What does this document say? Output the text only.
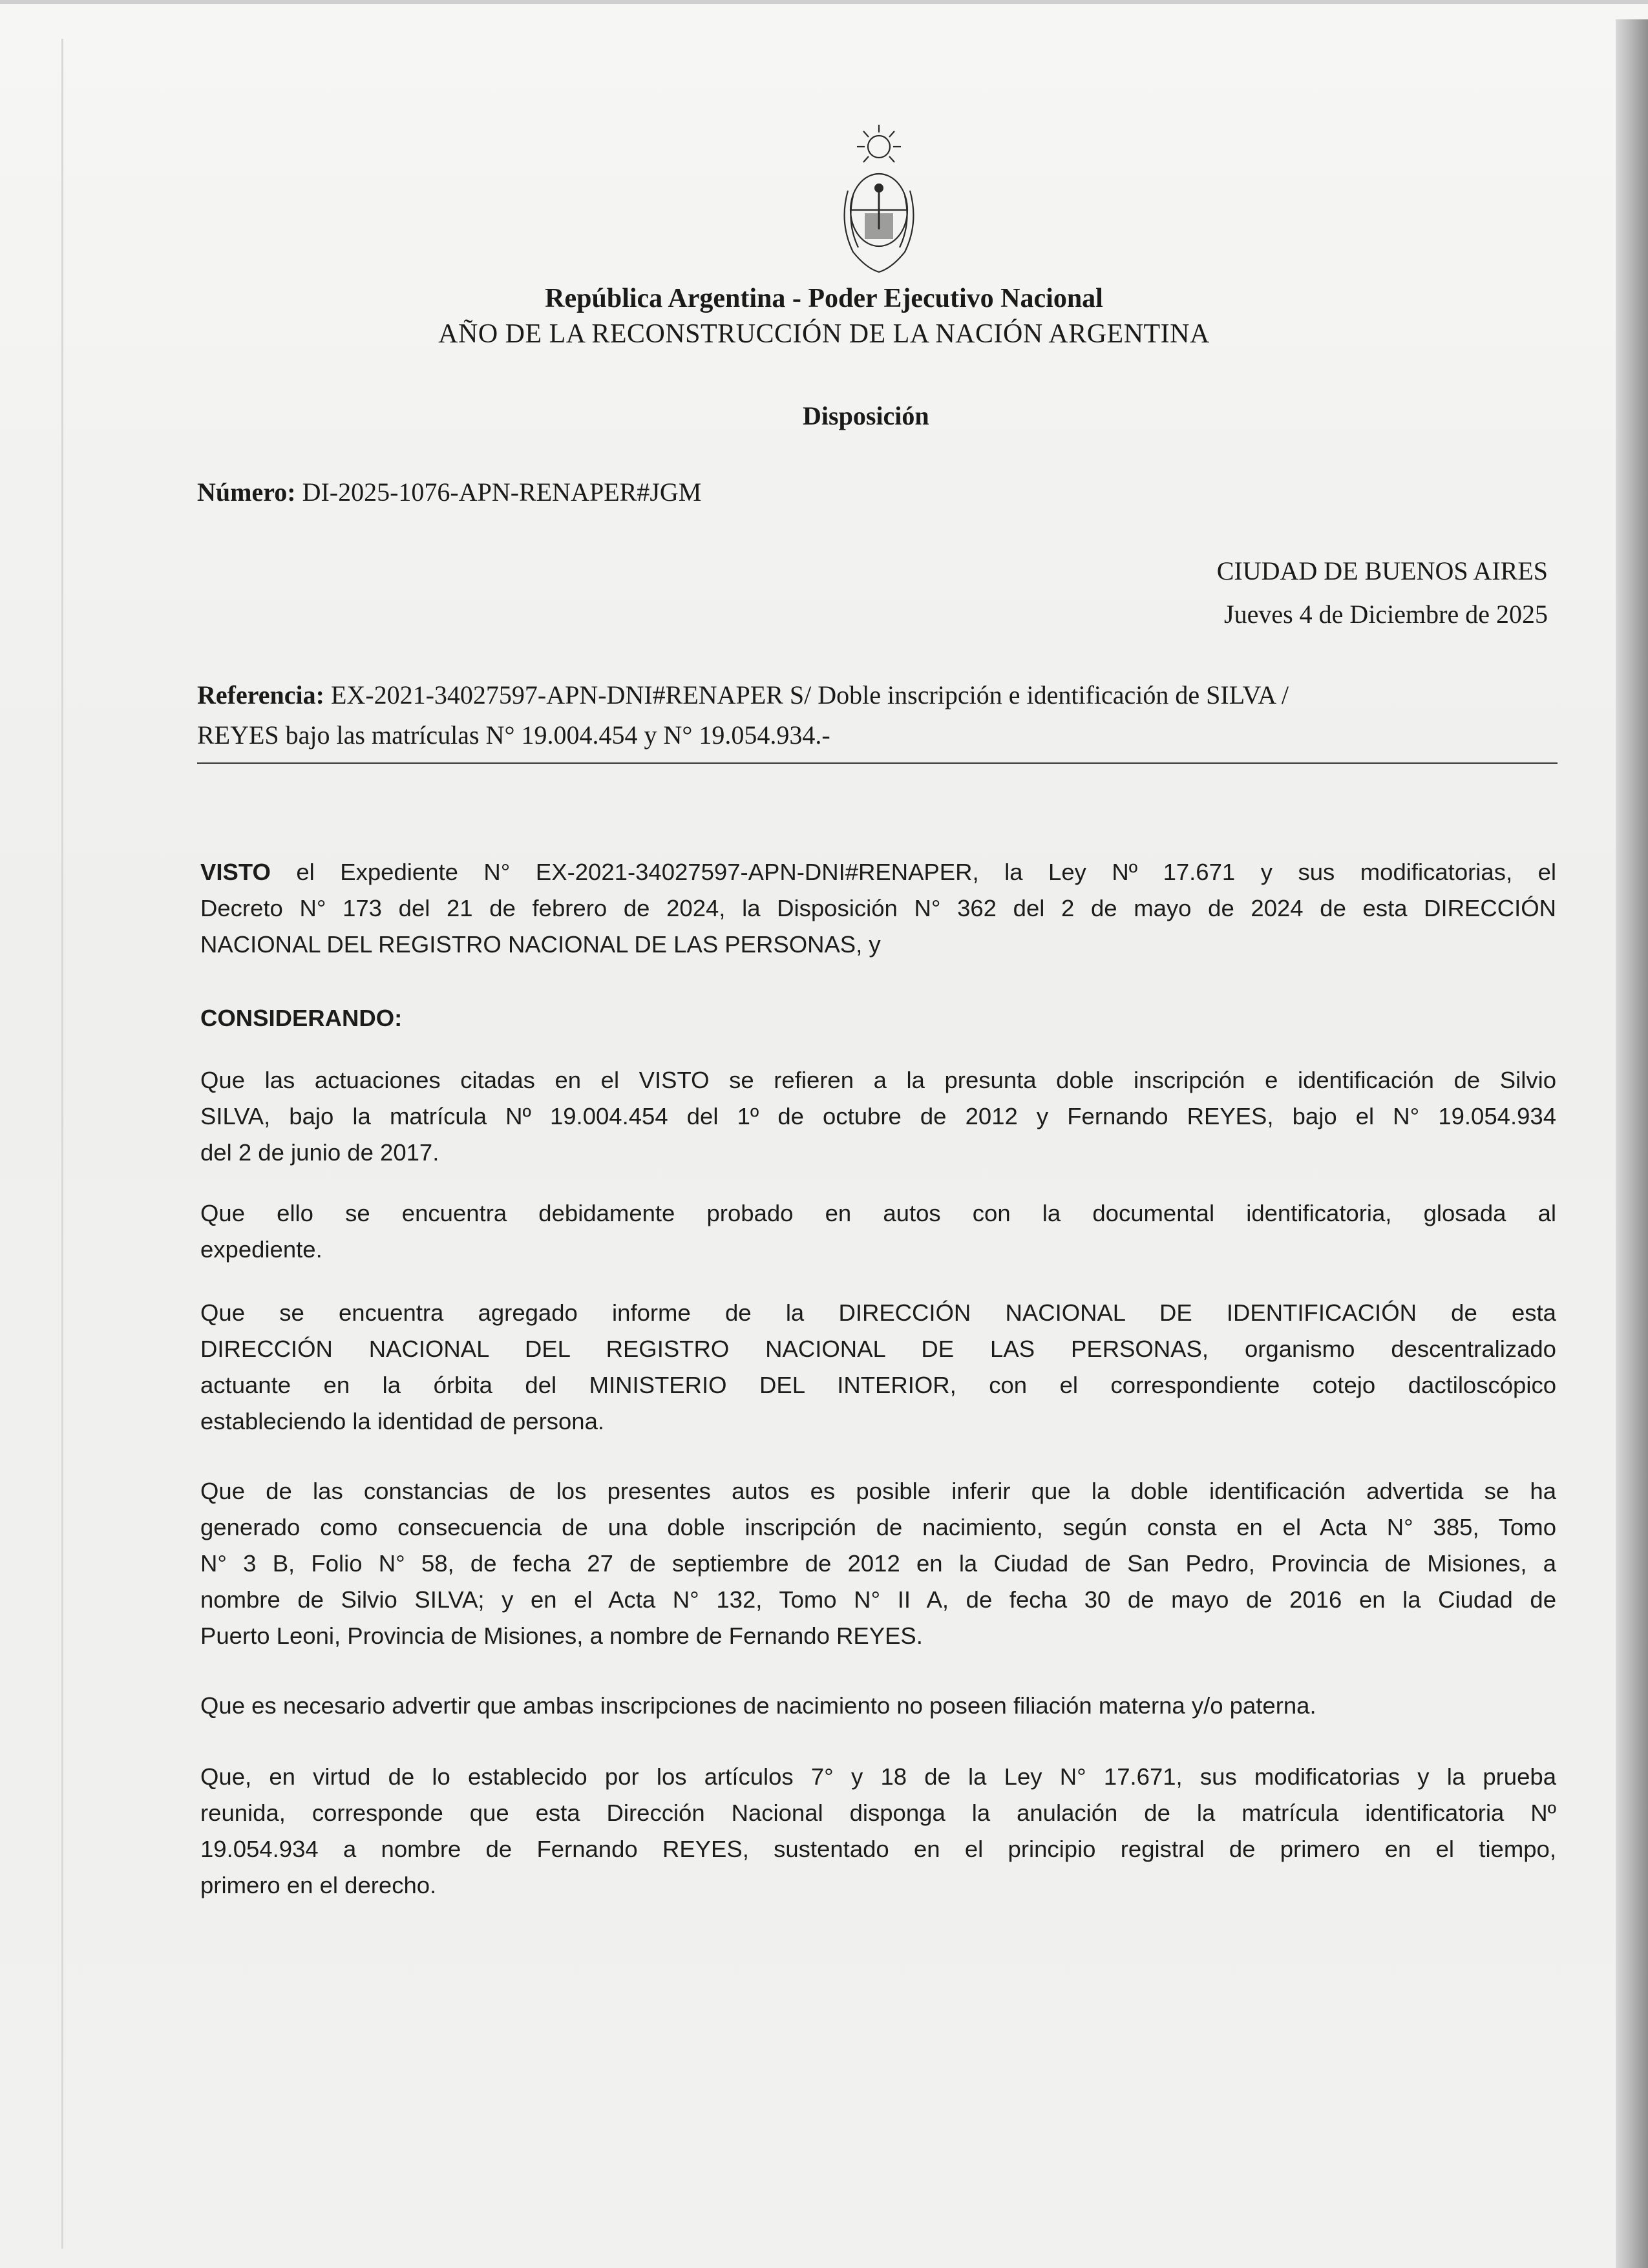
República Argentina - Poder Ejecutivo Nacional
AÑO DE LA RECONSTRUCCIÓN DE LA NACIÓN ARGENTINA
Disposición
Número: DI-2025-1076-APN-RENAPER#JGM
CIUDAD DE BUENOS AIRES
Jueves 4 de Diciembre de 2025
Referencia: EX-2021-34027597-APN-DNI#RENAPER S/ Doble inscripción e identificación de SILVA /
REYES bajo las matrículas N° 19.004.454 y N° 19.054.934.-
VISTO el Expediente N° EX-2021-34027597-APN-DNI#RENAPER, la Ley Nº 17.671 y sus modificatorias, el
Decreto N° 173 del 21 de febrero de 2024, la Disposición N° 362 del 2 de mayo de 2024 de esta DIRECCIÓN
NACIONAL DEL REGISTRO NACIONAL DE LAS PERSONAS, y
CONSIDERANDO:
Que las actuaciones citadas en el VISTO se refieren a la presunta doble inscripción e identificación de Silvio
SILVA, bajo la matrícula Nº 19.004.454 del 1º de octubre de 2012 y Fernando REYES, bajo el N° 19.054.934
del 2 de junio de 2017.
Que ello se encuentra debidamente probado en autos con la documental identificatoria, glosada al
expediente.
Que se encuentra agregado informe de la DIRECCIÓN NACIONAL DE IDENTIFICACIÓN de esta
DIRECCIÓN NACIONAL DEL REGISTRO NACIONAL DE LAS PERSONAS, organismo descentralizado
actuante en la órbita del MINISTERIO DEL INTERIOR, con el correspondiente cotejo dactiloscópico
estableciendo la identidad de persona.
Que de las constancias de los presentes autos es posible inferir que la doble identificación advertida se ha
generado como consecuencia de una doble inscripción de nacimiento, según consta en el Acta N° 385, Tomo
N° 3 B, Folio N° 58, de fecha 27 de septiembre de 2012 en la Ciudad de San Pedro, Provincia de Misiones, a
nombre de Silvio SILVA; y en el Acta N° 132, Tomo N° II A, de fecha 30 de mayo de 2016 en la Ciudad de
Puerto Leoni, Provincia de Misiones, a nombre de Fernando REYES.
Que es necesario advertir que ambas inscripciones de nacimiento no poseen filiación materna y/o paterna.
Que, en virtud de lo establecido por los artículos 7° y 18 de la Ley N° 17.671, sus modificatorias y la prueba
reunida, corresponde que esta Dirección Nacional disponga la anulación de la matrícula identificatoria Nº
19.054.934 a nombre de Fernando REYES, sustentado en el principio registral de primero en el tiempo,
primero en el derecho.
